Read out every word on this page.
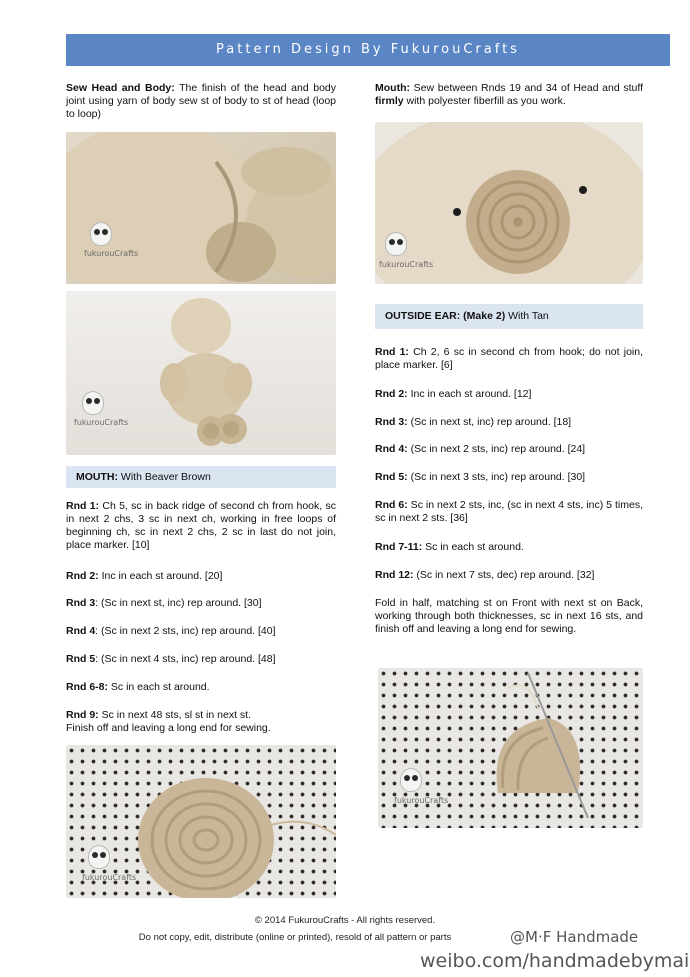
Pattern Design By FukurouCrafts

Sew Head and Body: The finish of the head and body joint using yarn of body sew st of body to st of head (loop to loop)

fukurouCrafts
fukurouCrafts
MOUTH: With Beaver Brown
Rnd 1: Ch 5, sc in back ridge of second ch from hook, sc in next 2 chs, 3 sc in next ch, working in free loops of beginning ch, sc in next 2 chs, 2 sc in last do not join, place marker. [10]
Rnd 2: Inc in each st around. [20]
Rnd 3: (Sc in next st, inc) rep around. [30]
Rnd 4: (Sc in next 2 sts, inc) rep around. [40]
Rnd 5: (Sc in next 4 sts, inc) rep around. [48]
Rnd 6-8: Sc in each st around.
Rnd 9: Sc in next 48 sts, sl st in next st.
Finish off and leaving a long end for sewing.
fukurouCrafts

Mouth: Sew between Rnds 19 and 34 of Head and stuff firmly with polyester fiberfill as you work.

fukurouCrafts
OUTSIDE EAR: (Make 2) With Tan
Rnd 1: Ch 2, 6 sc in second ch from hook; do not join, place marker. [6]
Rnd 2: Inc in each st around. [12]
Rnd 3: (Sc in next st, inc) rep around. [18]
Rnd 4: (Sc in next 2 sts, inc) rep around. [24]
Rnd 5: (Sc in next 3 sts, inc) rep around. [30]
Rnd 6: Sc in next 2 sts, inc, (sc in next 4 sts, inc) 5 times, sc in next 2 sts. [36]
Rnd 7-11: Sc in each st around.
Rnd 12: (Sc in next 7 sts, dec) rep around. [32]
Fold in half, matching st on Front with next st on Back, working through both thicknesses, sc in next 16 sts, and finish off and leaving a long end for sewing.
fukurouCrafts
© 2014 FukurouCrafts - All rights reserved.
Do not copy, edit, distribute (online or printed), resold of all pattern or parts	@M·F Handmade
weibo.com/handmadebymai
